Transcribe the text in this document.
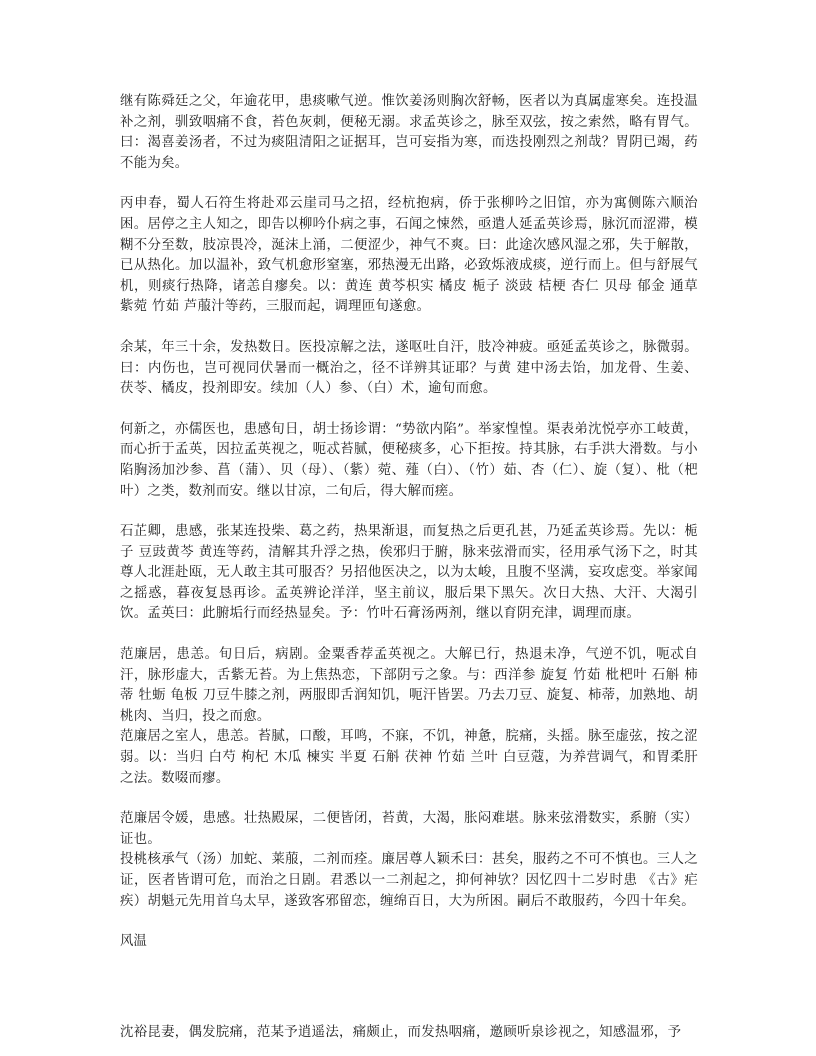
继有陈舜廷之父，年逾花甲，患痰嗽气逆。惟饮姜汤则胸次舒畅，医者以为真属虚寒矣。连投温补之剂，驯致咽痛不食，苔色灰刺，便秘无溺。求孟英诊之，脉至双弦，按之索然，略有胃气。曰：渴喜姜汤者，不过为痰阻清阳之证据耳，岂可妄指为寒，而迭投刚烈之剂哉？胃阴已竭，药不能为矣。

丙申春，蜀人石符生将赴邓云崖司马之招，经杭抱病，侨于张柳吟之旧馆，亦为寓侧陈六顺治困。居停之主人知之，即告以柳吟仆病之事，石闻之悚然，亟遣人延孟英诊焉，脉沉而涩滞，模糊不分至数，肢凉畏冷，涎沫上涌，二便涩少，神气不爽。曰：此途次感风湿之邪，失于解散，已从热化。加以温补，致气机愈形窒塞，邪热漫无出路，必致烁液成痰，逆行而上。但与舒展气机，则痰行热降，诸恙自瘳矣。以：黄连 黄芩枳实 橘皮 栀子 淡豉 桔梗 杏仁 贝母 郁金 通草 紫菀 竹茹 芦菔汁等药，三服而起，调理匝旬遂愈。

余某，年三十余，发热数日。医投凉解之法，遂呕吐自汗，肢冷神疲。亟延孟英诊之，脉微弱。曰：内伤也，岂可视同伏暑而一概治之，径不详辨其证耶？与黄 建中汤去饴，加龙骨、生姜、茯苓、橘皮，投剂即安。续加（人）参、（白）术，逾旬而愈。

何新之，亦儒医也，患感旬日，胡士扬诊谓：“势欲内陷”。举家惶惶。渠表弟沈悦亭亦工岐黄，而心折于孟英，因拉孟英视之，呃忒苔腻，便秘痰多，心下拒按。持其脉，右手洪大滑数。与小陷胸汤加沙参、菖（蒲）、贝（母）、（紫）菀、薤（白）、（竹）茹、杏（仁）、旋（复）、枇（杷叶）之类，数剂而安。继以甘凉，二旬后，得大解而瘥。

石芷卿，患感，张某连投柴、葛之药，热果渐退，而复热之后更孔甚，乃延孟英诊焉。先以：栀子 豆豉黄芩 黄连等药，清解其升浮之热，俟邪归于腑，脉来弦滑而实，径用承气汤下之，时其尊人北涯赴瓯，无人敢主其可服否？另招他医决之，以为太峻，且腹不坚满，妄攻虑变。举家闻之摇惑，暮夜复恳再诊。孟英辨论洋洋，坚主前议，服后果下黑矢。次日大热、大汗、大渴引饮。孟英曰：此腑垢行而经热显矣。予：竹叶石膏汤两剂，继以育阴充津，调理而康。

范廉居，患恙。旬日后，病剧。金粟香荐孟英视之。大解已行，热退未净，气逆不饥，呃忒自汗，脉形虚大，舌紫无苔。为上焦热恋，下部阴亏之象。与：西洋参 旋复 竹茹 枇杷叶 石斛 柿蒂 牡蛎 龟板 刀豆牛膝之剂，两服即舌润知饥，呃汗皆罢。乃去刀豆、旋复、柿蒂，加熟地、胡桃肉、当归，投之而愈。

范廉居之室人，患恙。苔腻，口酸，耳鸣，不寐，不饥，神惫，脘痛，头摇。脉至虚弦，按之涩弱。以：当归 白芍 枸杞 木瓜 楝实 半夏 石斛 茯神 竹茹 兰叶 白豆蔻，为养营调气，和胃柔肝之法。数啜而瘳。

范廉居令媛，患感。壮热殿屎，二便皆闭，苔黄，大渴，胀闷难堪。脉来弦滑数实，系腑（实）证也。

投桃核承气（汤）加蛇、莱菔，二剂而痊。廉居尊人颖禾曰：甚矣，服药之不可不慎也。三人之证，医者皆谓可危，而治之日剧。君悉以一二剂起之，抑何神欤？因忆四十二岁时患 《古》疟疾）胡魁元先用首乌太早，遂致客邪留恋，缠绵百日，大为所困。嗣后不敢服药，今四十年矣。

风温

沈裕昆妻，偶发脘痛，范某予逍遥法，痛颇止，而发热咽痛，邀顾听泉诊视之，知感温邪，予
